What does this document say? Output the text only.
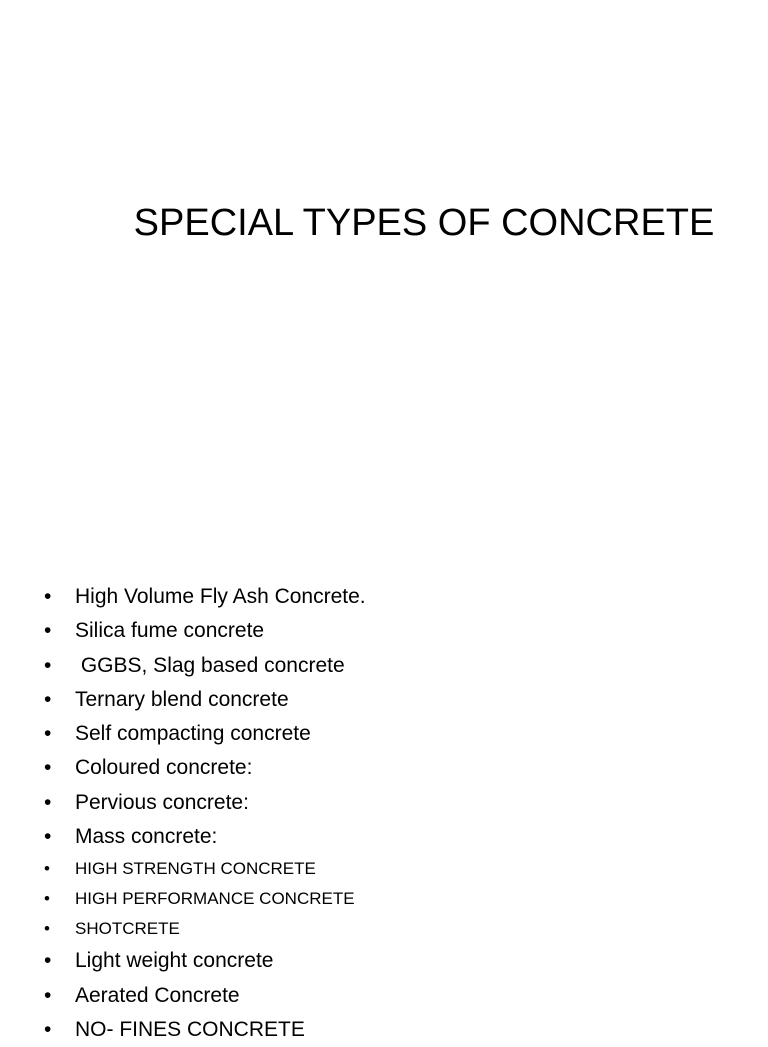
SPECIAL TYPES OF CONCRETE
• High Volume Fly Ash Concrete.
• Silica fume concrete
• GGBS, Slag based concrete
• Ternary blend concrete
• Self compacting concrete
• Coloured concrete:
• Pervious concrete:
• Mass concrete:
• HIGH STRENGTH CONCRETE
• HIGH PERFORMANCE CONCRETE
• SHOTCRETE
• Light weight concrete
• Aerated Concrete
• NO- FINES CONCRETE
